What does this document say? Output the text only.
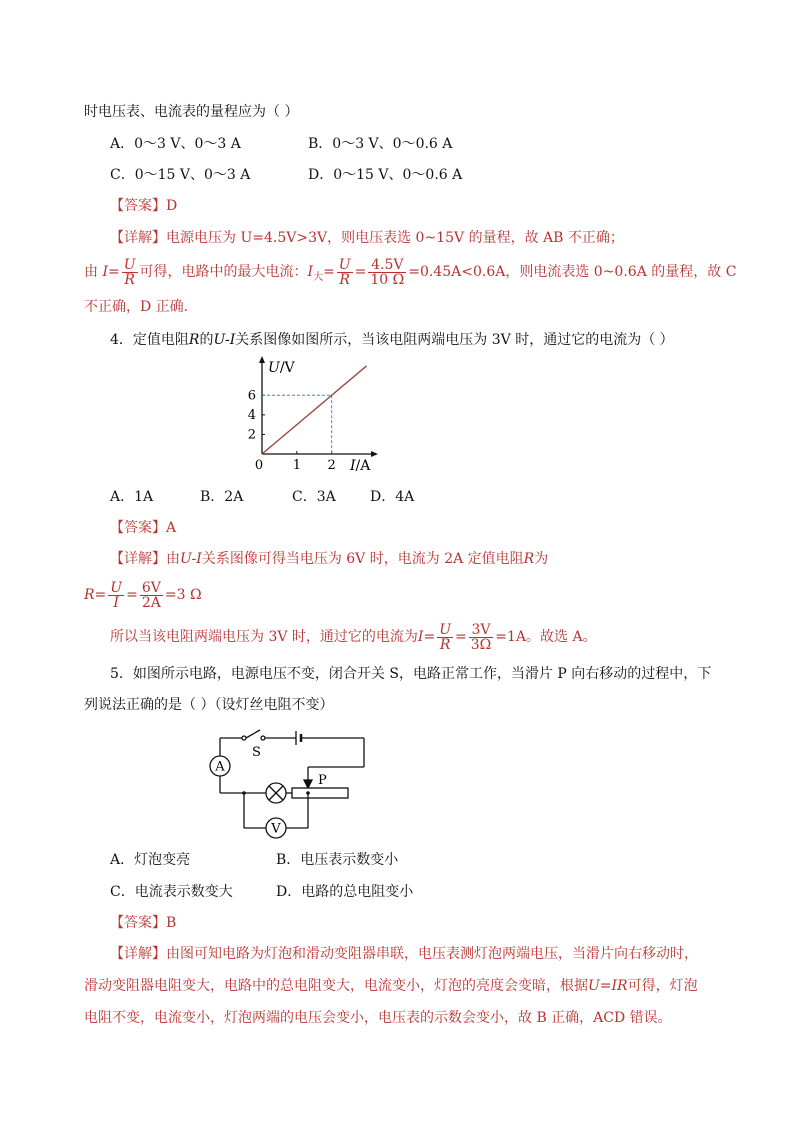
时电压表、电流表的量程应为（ ）
A．0～3 V、0～3 A	B．0～3 V、0～0.6 A
C．0～15 V、0～3 A	D．0～15 V、0～0.6 A
【答案】D
【详解】电源电压为 U=4.5V>3V，则电压表选 0~15V 的量程，故 AB 不正确；
由 $I= \frac{U}{R}$ 可得，电路中的最大电流：$I_大= \frac{U}{R} = \frac{4.5V}{10 \Omega} =0.45A<0.6A$，则电流表选 0~0.6A 的量程，故 C
不正确，D 正确．
4．定值电阻R的U-I关系图像如图所示，当该电阻两端电压为 3V 时，通过它的电流为（ ）
2
4
6
0 1 2
U/V
I/A
A．1A	B．2A	C．3A D．4A
【答案】A
【详解】由U-I关系图像可得当电压为 6V 时，电流为 2A 定值电阻R为
$R= \frac{U}{I} = \frac{6V}{2A} =3$ Ω
所以当该电阻两端电压为 3V 时，通过它的电流为$I= \frac{U}{R} = \frac{3V}{3\Omega} =1A$。故选 A。
5．如图所示电路，电源电压不变，闭合开关 S，电路正常工作，当滑片 P 向右移动的过程中，下
列说法正确的是（ ）（设灯丝电阻不变）
A
V
S
P
A．灯泡变亮	B．电压表示数变小
C．电流表示数变大	D．电路的总电阻变小
【答案】B
【详解】由图可知电路为灯泡和滑动变阻器串联，电压表测灯泡两端电压，当滑片向右移动时，
滑动变阻器电阻变大，电路中的总电阻变大，电流变小，灯泡的亮度会变暗，根据U=IR可得，灯泡
电阻不变，电流变小，灯泡两端的电压会变小，电压表的示数会变小，故 B 正确，ACD 错误。
